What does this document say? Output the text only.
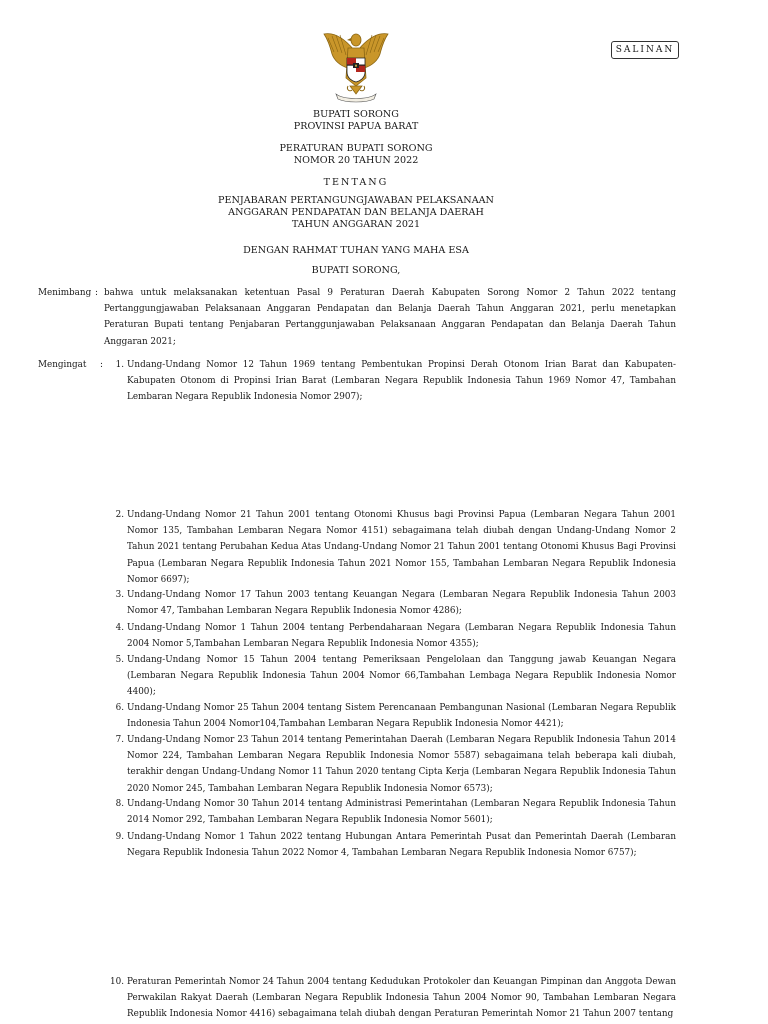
SALINAN
BUPATI SORONG
PROVINSI PAPUA BARAT
PERATURAN BUPATI SORONG
NOMOR 20 TAHUN 2022
TENTANG
PENJABARAN PERTANGUNGJAWABAN PELAKSANAAN
ANGGARAN PENDAPATAN DAN BELANJA DAERAH
TAHUN ANGGARAN 2021
DENGAN RAHMAT TUHAN YANG MAHA ESA
BUPATI SORONG,
Menimbang : bahwa untuk melaksanakan ketentuan Pasal 9 Peraturan Daerah Kabupaten Sorong Nomor 2 Tahun 2022 tentang Pertanggungjawaban Pelaksanaan Anggaran Pendapatan dan Belanja Daerah Tahun Anggaran 2021, perlu menetapkan Peraturan Bupati tentang Penjabaran Pertanggunjawaban Pelaksanaan Anggaran Pendapatan dan Belanja Daerah Tahun Anggaran 2021;
Mengingat :	1. Undang-Undang Nomor 12 Tahun 1969 tentang Pembentukan Propinsi Derah Otonom Irian Barat dan Kabupaten-Kabupaten Otonom di Propinsi Irian Barat (Lembaran Negara Republik Indonesia Tahun 1969 Nomor 47, Tambahan Lembaran Negara Republik Indonesia Nomor 2907);
2. Undang-Undang Nomor 21 Tahun 2001 tentang Otonomi Khusus bagi Provinsi Papua (Lembaran Negara Tahun 2001 Nomor 135, Tambahan Lembaran Negara Nomor 4151) sebagaimana telah diubah dengan Undang-Undang Nomor 2 Tahun 2021 tentang Perubahan Kedua Atas Undang-Undang Nomor 21 Tahun 2001 tentang Otonomi Khusus Bagi Provinsi Papua (Lembaran Negara Republik Indonesia Tahun 2021 Nomor 155, Tambahan Lembaran Negara Republik Indonesia Nomor 6697);
3. Undang-Undang Nomor 17 Tahun 2003 tentang Keuangan Negara (Lembaran Negara Republik Indonesia Tahun 2003 Nomor 47, Tambahan Lembaran Negara Republik Indonesia Nomor 4286);
4. Undang-Undang Nomor 1 Tahun 2004 tentang Perbendaharaan Negara (Lembaran Negara Republik Indonesia Tahun 2004 Nomor 5,Tambahan Lembaran Negara Republik Indonesia Nomor 4355);
5. Undang-Undang Nomor 15 Tahun 2004 tentang Pemeriksaan Pengelolaan dan Tanggung jawab Keuangan Negara (Lembaran Negara Republik Indonesia Tahun 2004 Nomor 66,Tambahan Lembaga Negara Republik Indonesia Nomor 4400);
6. Undang-Undang Nomor 25 Tahun 2004 tentang Sistem Perencanaan Pembangunan Nasional (Lembaran Negara Republik Indonesia Tahun 2004 Nomor104,Tambahan Lembaran Negara Republik Indonesia Nomor 4421);
7. Undang-Undang Nomor 23 Tahun 2014 tentang Pemerintahan Daerah (Lembaran Negara Republik Indonesia Tahun 2014 Nomor 224, Tambahan Lembaran Negara Republik Indonesia Nomor 5587) sebagaimana telah beberapa kali diubah, terakhir dengan Undang-Undang Nomor 11 Tahun 2020 tentang Cipta Kerja (Lembaran Negara Republik Indonesia Tahun 2020 Nomor 245, Tambahan Lembaran Negara Republik Indonesia Nomor 6573);
8. Undang-Undang Nomor 30 Tahun 2014 tentang Administrasi Pemerintahan (Lembaran Negara Republik Indonesia Tahun 2014 Nomor 292, Tambahan Lembaran Negara Republik Indonesia Nomor 5601);
9. Undang-Undang Nomor 1 Tahun 2022 tentang Hubungan Antara Pemerintah Pusat dan Pemerintah Daerah (Lembaran Negara Republik Indonesia Tahun 2022 Nomor 4, Tambahan Lembaran Negara Republik Indonesia Nomor 6757);
10. Peraturan Pemerintah Nomor 24 Tahun 2004 tentang Kedudukan Protokoler dan Keuangan Pimpinan dan Anggota Dewan Perwakilan Rakyat Daerah (Lembaran Negara Republik Indonesia Tahun 2004 Nomor 90, Tambahan Lembaran Negara Republik Indonesia Nomor 4416) sebagaimana telah diubah dengan Peraturan Pemerintah Nomor 21 Tahun 2007 tentang
